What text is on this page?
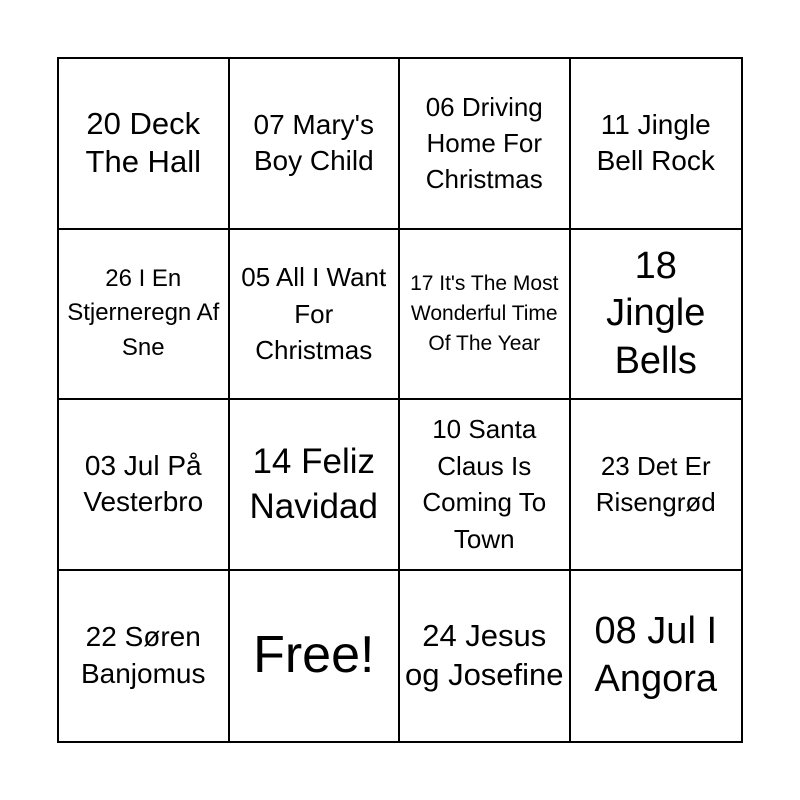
20 Deck The Hall
07 Mary's Boy Child
06 Driving Home For Christmas
11 Jingle Bell Rock
26 I En Stjerneregn Af Sne
05 All I Want For Christmas
17 It's The Most Wonderful Time Of The Year
18 Jingle Bells
03 Jul På Vesterbro
14 Feliz Navidad
10 Santa Claus Is Coming To Town
23 Det Er Risengrød
22 Søren Banjomus Free!	24 Jesus og Josefine
08 Jul I Angora
